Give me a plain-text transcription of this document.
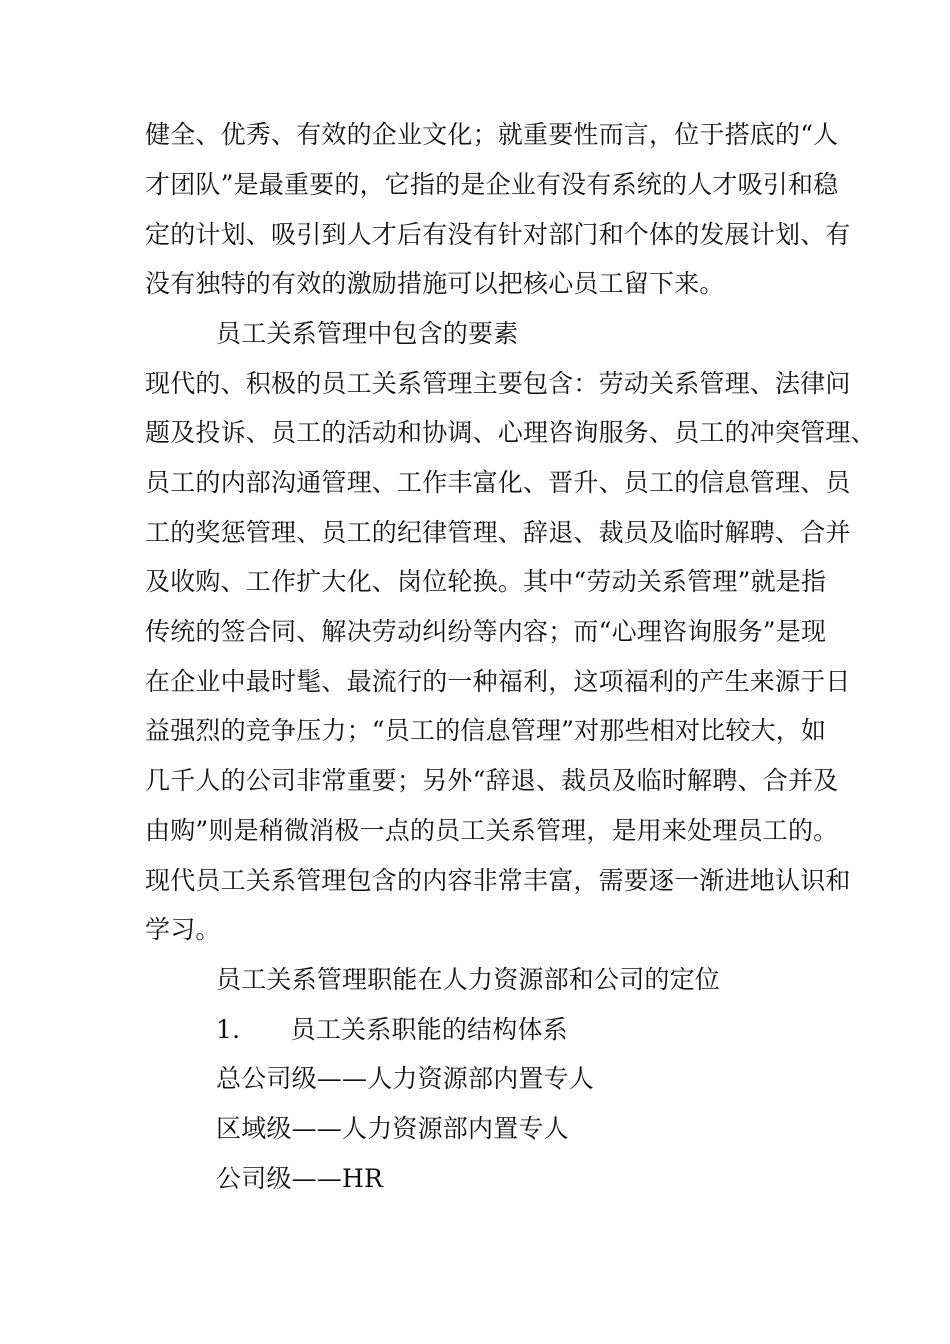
健全、优秀、有效的企业文化；就重要性而言，位于搭底的“人
才团队”是最重要的，它指的是企业有没有系统的人才吸引和稳
定的计划、吸引到人才后有没有针对部门和个体的发展计划、有
没有独特的有效的激励措施可以把核心员工留下来。
员工关系管理中包含的要素
现代的、积极的员工关系管理主要包含：劳动关系管理、法律问
题及投诉、员工的活动和协调、心理咨询服务、员工的冲突管理、
员工的内部沟通管理、工作丰富化、晋升、员工的信息管理、员
工的奖惩管理、员工的纪律管理、辞退、裁员及临时解聘、合并
及收购、工作扩大化、岗位轮换。其中“劳动关系管理”就是指
传统的签合同、解决劳动纠纷等内容；而“心理咨询服务”是现
在企业中最时髦、最流行的一种福利，这项福利的产生来源于日
益强烈的竞争压力；“员工的信息管理”对那些相对比较大，如
几千人的公司非常重要；另外“辞退、裁员及临时解聘、合并及
由购”则是稍微消极一点的员工关系管理，是用来处理员工的。
现代员工关系管理包含的内容非常丰富，需要逐一渐进地认识和
学习。
员工关系管理职能在人力资源部和公司的定位
1.　　员工关系职能的结构体系
总公司级——人力资源部内置专人
区域级——人力资源部内置专人
公司级——HR
